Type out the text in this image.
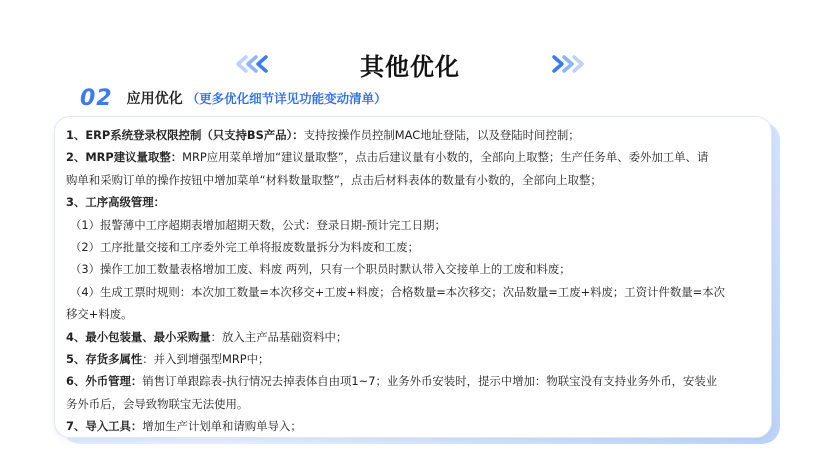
其他优化
02 应用优化 （更多优化细节详见功能变动清单）
1、ERP系统登录权限控制（只支持BS产品）：支持按操作员控制MAC地址登陆，以及登陆时间控制；
2、MRP建议量取整：MRP应用菜单增加“建议量取整”，点击后建议量有小数的，全部向上取整；生产任务单、委外加工单、请
购单和采购订单的操作按钮中增加菜单“材料数量取整”，点击后材料表体的数量有小数的，全部向上取整；
3、工序高级管理：
（1）报警薄中工序超期表增加超期天数，公式：登录日期-预计完工日期；
（2）工序批量交接和工序委外完工单将报废数量拆分为料废和工废；
（3）操作工加工数量表格增加工废、料废 两列，只有一个职员时默认带入交接单上的工废和料废；
（4）生成工票时规则：本次加工数量=本次移交+工废+料废；合格数量=本次移交；次品数量=工废+料废；工资计件数量=本次
移交+料废。
4、最小包装量、最小采购量：放入主产品基础资料中；
5、存货多属性：并入到增强型MRP中；
6、外币管理：销售订单跟踪表-执行情况去掉表体自由项1~7；业务外币安装时，提示中增加：物联宝没有支持业务外币，安装业
务外币后，会导致物联宝无法使用。
7、导入工具：增加生产计划单和请购单导入；
